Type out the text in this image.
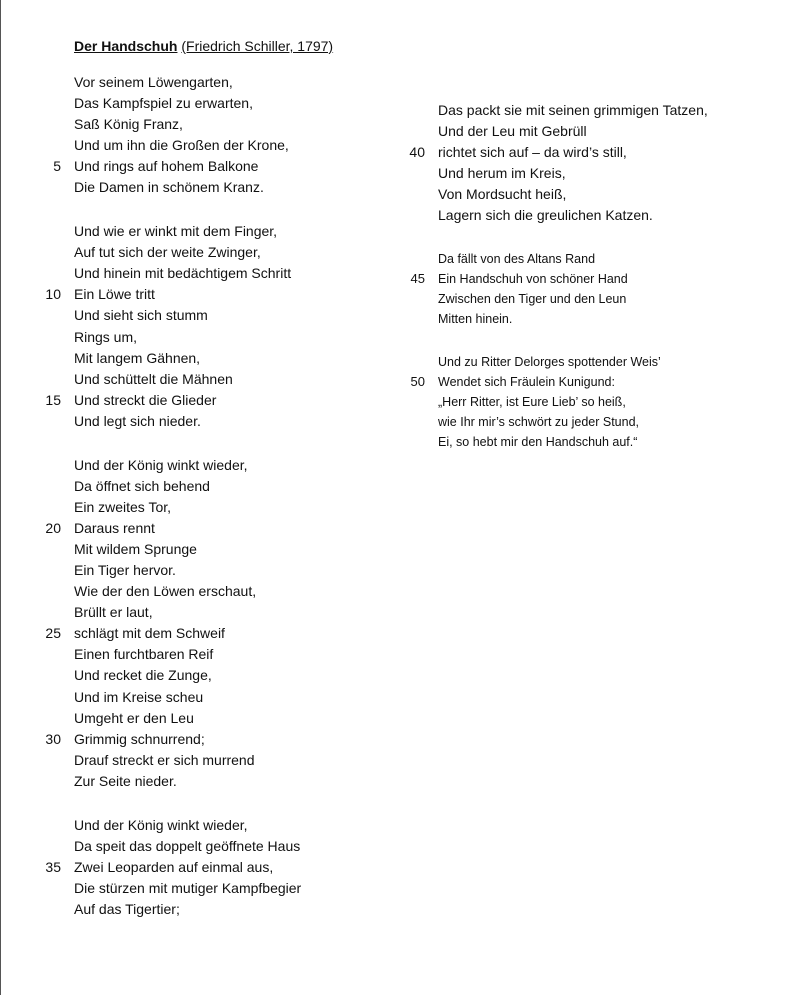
Der Handschuh (Friedrich Schiller, 1797)
Vor seinem Löwengarten,
Das Kampfspiel zu erwarten,
Saß König Franz,
Und um ihn die Großen der Krone,
5 Und rings auf hohem Balkone
Die Damen in schönem Kranz.
Und wie er winkt mit dem Finger,
Auf tut sich der weite Zwinger,
Und hinein mit bedächtigem Schritt
10 Ein Löwe tritt
Und sieht sich stumm
Rings um,
Mit langem Gähnen,
Und schüttelt die Mähnen
15 Und streckt die Glieder
Und legt sich nieder.
Und der König winkt wieder,
Da öffnet sich behend
Ein zweites Tor,
20 Daraus rennt
Mit wildem Sprunge
Ein Tiger hervor.
Wie der den Löwen erschaut,
Brüllt er laut,
25 schlägt mit dem Schweif
Einen furchtbaren Reif
Und recket die Zunge,
Und im Kreise scheu
Umgeht er den Leu
30 Grimmig schnurrend;
Drauf streckt er sich murrend
Zur Seite nieder.
Und der König winkt wieder,
Da speit das doppelt geöffnete Haus
35 Zwei Leoparden auf einmal aus,
Die stürzen mit mutiger Kampfbegier
Auf das Tigertier;
Das packt sie mit seinen grimmigen Tatzen,
Und der Leu mit Gebrüll
40 richtet sich auf – da wird’s still,
Und herum im Kreis,
Von Mordsucht heiß,
Lagern sich die greulichen Katzen.
Da fällt von des Altans Rand
45 Ein Handschuh von schöner Hand
Zwischen den Tiger und den Leun
Mitten hinein.
Und zu Ritter Delorges spottender Weis’
50 Wendet sich Fräulein Kunigund:
„Herr Ritter, ist Eure Lieb’ so heiß,
wie Ihr mir’s schwört zu jeder Stund,
Ei, so hebt mir den Handschuh auf.“
